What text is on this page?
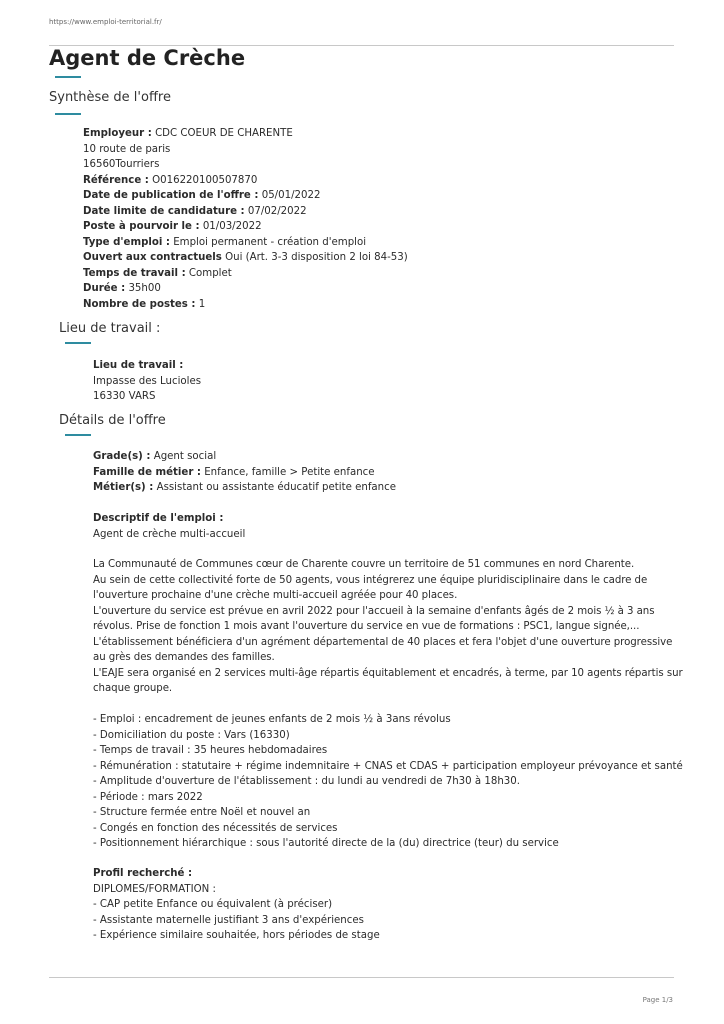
https://www.emploi-territorial.fr/
Agent de Crèche
Synthèse de l'offre
Employeur : CDC COEUR DE CHARENTE
10 route de paris
16560Tourriers
Référence : O016220100507870
Date de publication de l'offre : 05/01/2022
Date limite de candidature : 07/02/2022
Poste à pourvoir le : 01/03/2022
Type d'emploi : Emploi permanent - création d'emploi
Ouvert aux contractuels Oui (Art. 3-3 disposition 2 loi 84-53)
Temps de travail : Complet
Durée : 35h00
Nombre de postes : 1
Lieu de travail :
Lieu de travail :
Impasse des Lucioles
16330 VARS
Détails de l'offre
Grade(s) : Agent social
Famille de métier : Enfance, famille > Petite enfance
Métier(s) : Assistant ou assistante éducatif petite enfance
Descriptif de l'emploi :
Agent de crèche multi-accueil
La Communauté de Communes cœur de Charente couvre un territoire de 51 communes en nord Charente.
Au sein de cette collectivité forte de 50 agents, vous intégrerez une équipe pluridisciplinaire dans le cadre de
l'ouverture prochaine d'une crèche multi-accueil agréée pour 40 places.
L'ouverture du service est prévue en avril 2022 pour l'accueil à la semaine d'enfants âgés de 2 mois ½ à 3 ans
révolus. Prise de fonction 1 mois avant l'ouverture du service en vue de formations : PSC1, langue signée,...
L'établissement bénéficiera d'un agrément départemental de 40 places et fera l'objet d'une ouverture progressive
au grès des demandes des familles.
L'EAJE sera organisé en 2 services multi-âge répartis équitablement et encadrés, à terme, par 10 agents répartis sur
chaque groupe.
- Emploi : encadrement de jeunes enfants de 2 mois ½ à 3ans révolus
- Domiciliation du poste : Vars (16330)
- Temps de travail : 35 heures hebdomadaires
- Rémunération : statutaire + régime indemnitaire + CNAS et CDAS + participation employeur prévoyance et santé
- Amplitude d'ouverture de l'établissement : du lundi au vendredi de 7h30 à 18h30.
- Période : mars 2022
- Structure fermée entre Noël et nouvel an
- Congés en fonction des nécessités de services
- Positionnement hiérarchique : sous l'autorité directe de la (du) directrice (teur) du service
Profil recherché :
DIPLOMES/FORMATION :
- CAP petite Enfance ou équivalent (à préciser)
- Assistante maternelle justifiant 3 ans d'expériences
- Expérience similaire souhaitée, hors périodes de stage
Page 1/3
